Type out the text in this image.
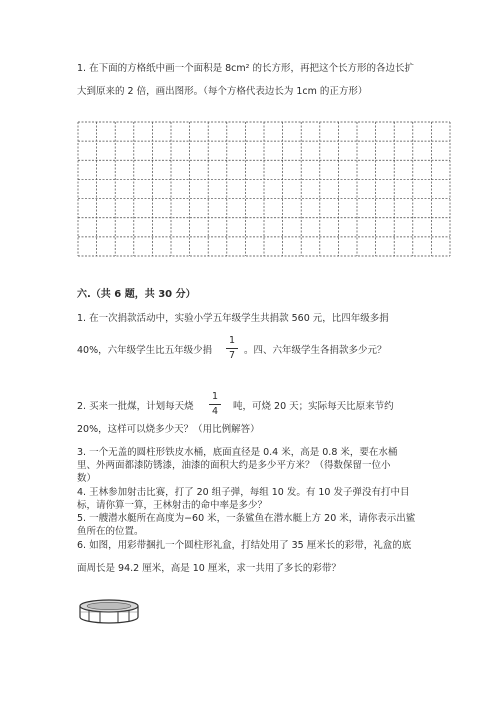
1. 在下面的方格纸中画一个面积是 8cm² 的长方形，再把这个长方形的各边长扩
大到原来的 2 倍，画出图形。（每个方格代表边长为 1cm 的正方形）
六.（共 6 题，共 30 分）
1. 在一次捐款活动中，实验小学五年级学生共捐款 560 元，比四年级多捐
40%，六年级学生比五年级少捐
1
7 。四、六年级学生各捐款多少元？
2. 买来一批煤，计划每天烧
1
4	吨，可烧 20 天；实际每天比原来节约
20%，这样可以烧多少天？（用比例解答）
3. 一个无盖的圆柱形铁皮水桶，底面直径是 0.4 米，高是 0.8 米，要在水桶
里、外两面都漆防锈漆，油漆的面积大约是多少平方米？（得数保留一位小
数）
4. 王林参加射击比赛，打了 20 组子弹，每组 10 发。有 10 发子弹没有打中目
标，请你算一算，王林射击的命中率是多少？
5. 一艘潜水艇所在高度为−60 米，一条鲨鱼在潜水艇上方 20 米，请你表示出鲨
鱼所在的位置。
6. 如图，用彩带捆扎一个圆柱形礼盒，打结处用了 35 厘米长的彩带，礼盒的底
面周长是 94.2 厘米，高是 10 厘米，求一共用了多长的彩带？
